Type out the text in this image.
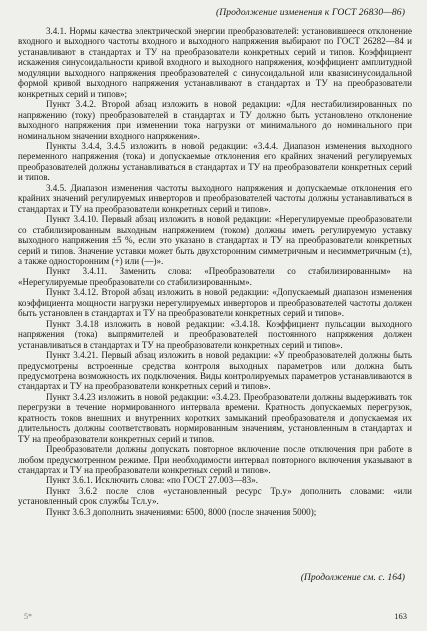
(Продолжение изменения к ГОСТ 26830—86)

3.4.1. Нормы качества электрической энергии преобразователей: установившееся отклонение входного и выходного частоты входного и выходного напряжения выбирают по ГОСТ 26282—84 и устанавливают в стандартах и ТУ на преобразователи конкретных серий и типов. Коэффициент искажения синусоидальности кривой входного и выходного напряжения, коэффициент амплитудной модуляции выходного напряжения преобразователей с синусоидальной или квазисинусоидальной формой кривой выходного напряжения устанавливают в стандартах и ТУ на преобразователи конкретных серий и типов»;

Пункт 3.4.2. Второй абзац изложить в новой редакции: «Для нестабилизированных по напряжению (току) преобразователей в стандартах и ТУ должно быть установлено отклонение выходного напряжения при изменении тока нагрузки от минимального до номинального при номинальном значении входного напряжения».

Пункты 3.4.4, 3.4.5 изложить в новой редакции: «3.4.4. Диапазон изменения выходного переменного напряжения (тока) и допускаемые отклонения его крайних значений регулируемых преобразователей должны устанавливаться в стандартах и ТУ на преобразователи конкретных серий и типов.

3.4.5. Диапазон изменения частоты выходного напряжения и допускаемые отклонения его крайних значений регулируемых инверторов и преобразователей частоты должны устанавливаться в стандартах и ТУ на преобразователи конкретных серий и типов».

Пункт 3.4.10. Первый абзац изложить в новой редакции: «Нерегулируемые преобразователи со стабилизированным выходным напряжением (током) должны иметь регулируемую уставку выходного напряжения ±5 %, если это указано в стандартах и ТУ на преобразователи конкретных серий и типов. Значение уставки может быть двухсторонним симметричным и несимметричным (±), а также односторонним (+) или (—)».

Пункт 3.4.11. Заменить слова: «Преобразователи со стабилизированным» на «Нерегулируемые преобразователи со стабилизированным».

Пункт 3.4.12. Второй абзац изложить в новой редакции: «Допускаемый диапазон изменения коэффициента мощности нагрузки нерегулируемых инверторов и преобразователей частоты должен быть установлен в стандартах и ТУ на преобразователи конкретных серий и типов».

Пункт 3.4.18 изложить в новой редакции: «3.4.18. Коэффициент пульсации выходного напряжения (тока) выпрямителей и преобразователей постоянного напряжения должен устанавливаться в стандартах и ТУ на преобразователи конкретных серий и типов».

Пункт 3.4.21. Первый абзац изложить в новой редакции: «У преобразователей должны быть предусмотрены встроенные средства контроля выходных параметров или должна быть предусмотрена возможность их подключения. Виды контролируемых параметров устанавливаются в стандартах и ТУ на преобразователи конкретных серий и типов».

Пункт 3.4.23 изложить в новой редакции: «3.4.23. Преобразователи должны выдерживать ток перегрузки в течение нормированного интервала времени. Кратность допускаемых перегрузок, кратность токов внешних и внутренних коротких замыканий преобразователя и допускаемая их длительность должны соответствовать нормированным значениям, установленным в стандартах и ТУ на преобразователи конкретных серий и типов.

Преобразователи должны допускать повторное включение после отключения при работе в любом предусмотренном режиме. При необходимости интервал повторного включения указывают в стандартах и ТУ на преобразователи конкретных серий и типов».

Пункт 3.6.1. Исключить слова: «по ГОСТ 27.003—83».

Пункт 3.6.2 после слов «установленный ресурс Тр.у» дополнить словами: «или установленный срок службы Тсл.у».

Пункт 3.6.3 дополнить значениями: 6500, 8000 (после значения 5000);

(Продолжение см. с. 164)
5*	163
